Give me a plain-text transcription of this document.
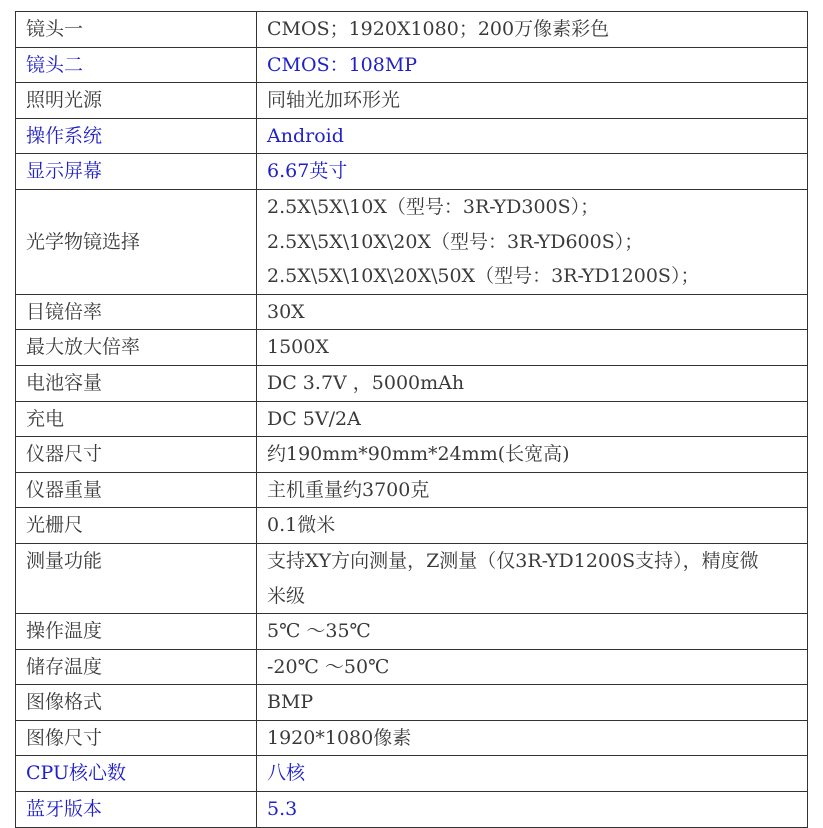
镜头一	CMOS；1920X1080；200万像素彩色

镜头二	CMOS：108MP

照明光源	同轴光加环形光

操作系统	Android

显示屏幕	6.67英寸

光学物镜选择	2.5X\5X\10X（型号：3R-YD300S）；
2.5X\5X\10X\20X（型号：3R-YD600S）；
2.5X\5X\10X\20X\50X（型号：3R-YD1200S）；

目镜倍率	30X

最大放大倍率	1500X

电池容量	DC 3.7V ，5000mAh

充电	DC 5V/2A

仪器尺寸	约190mm*90mm*24mm(长宽高)

仪器重量	主机重量约3700克

光栅尺	0.1微米

测量功能	支持XY方向测量，Z测量（仅3R-YD1200S支持），精度微
米级

操作温度	5℃ ～35℃

储存温度	-20℃ ～50℃

图像格式	BMP

图像尺寸	1920*1080像素

CPU核心数	八核

蓝牙版本	5.3
